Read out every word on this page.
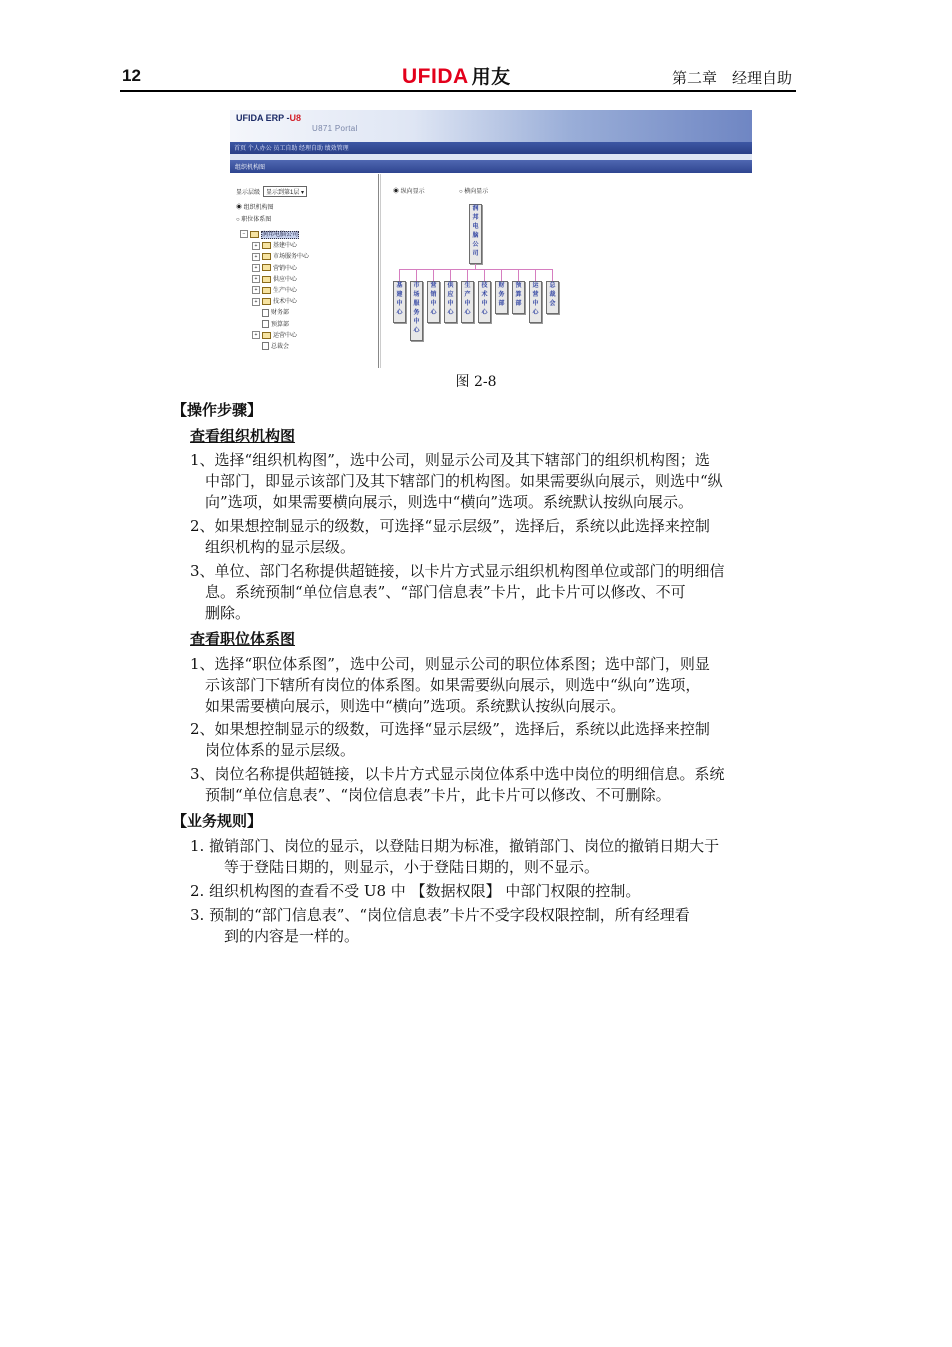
12	UFIDA 用友	第二章　经理自助
UFIDA ERP -U8
U871 Portal
首页 个人办公 员工自助 经理自助 绩效管理
组织机构图
显示层级 显示到第1层 ▾
◉ 组织机构图
○ 职位体系图
−	润邦电脑公司
+	基建中心
+	市场服务中心
+	营销中心
+	供应中心
+	生产中心
+	技术中心
财务部
预算部
+	运营中心
总裁会
◉ 纵向显示	○ 横向显示
润
邦
电
脑
公
司
基
建
中
心
市
场
服
务
中
心
营
销
中
心
供
应
中
心
生
产
中
心
技
术
中
心
财
务
部
预
算
部
运
营
中
心
总
裁
会
图 2-8
【操作步骤】
查看组织机构图
查看职位体系图
【业务规则】
1、选择“组织机构图”，选中公司，则显示公司及其下辖部门的组织机构图；选
中部门，即显示该部门及其下辖部门的机构图。如果需要纵向展示，则选中“纵
向”选项，如果需要横向展示，则选中“横向”选项。系统默认按纵向展示。
2、如果想控制显示的级数，可选择“显示层级”，选择后，系统以此选择来控制
组织机构的显示层级。
3、单位、部门名称提供超链接，以卡片方式显示组织机构图单位或部门的明细信
息。系统预制“单位信息表”、“部门信息表”卡片，此卡片可以修改、不可
删除。
1、选择“职位体系图”，选中公司，则显示公司的职位体系图；选中部门，则显
示该部门下辖所有岗位的体系图。如果需要纵向展示，则选中“纵向”选项，
如果需要横向展示，则选中“横向”选项。系统默认按纵向展示。
2、如果想控制显示的级数，可选择“显示层级”，选择后，系统以此选择来控制
岗位体系的显示层级。
3、岗位名称提供超链接，以卡片方式显示岗位体系中选中岗位的明细信息。系统
预制“单位信息表”、“岗位信息表”卡片，此卡片可以修改、不可删除。
1. 撤销部门、岗位的显示，以登陆日期为标准，撤销部门、岗位的撤销日期大于
等于登陆日期的，则显示，小于登陆日期的，则不显示。
2. 组织机构图的查看不受 U8 中 【数据权限】 中部门权限的控制。
3. 预制的“部门信息表”、“岗位信息表”卡片不受字段权限控制，所有经理看
到的内容是一样的。
